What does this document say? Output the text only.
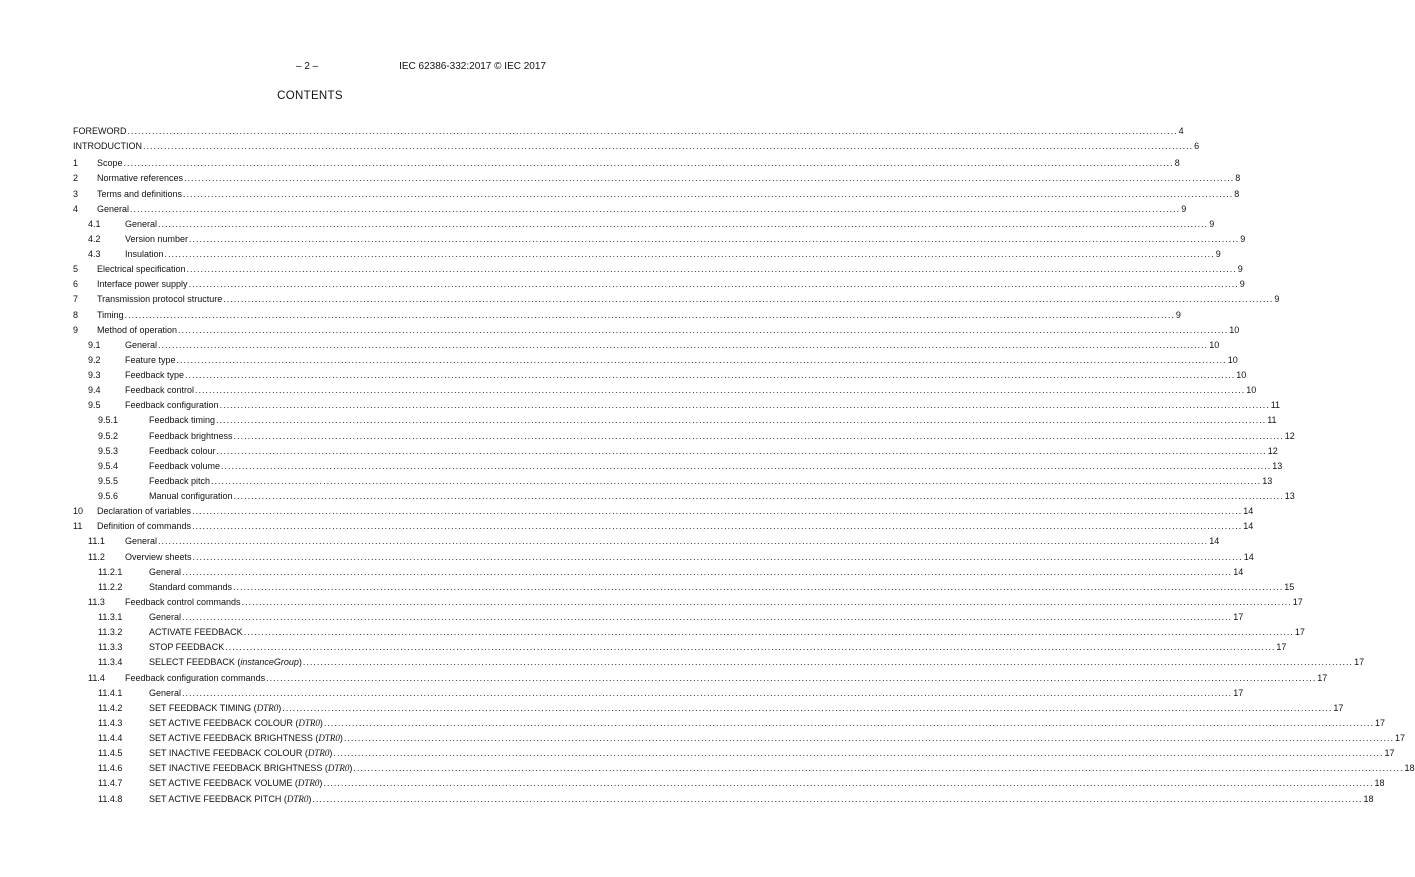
– 2 –	IEC 62386-332:2017 © IEC 2017
CONTENTS
FOREWORD ............................................................................................................................................................................................................................................................................................................ 4
INTRODUCTION ............................................................................................................................................................................................................................................................................................................ 6
1 Scope ............................................................................................................................................................................................................................................................................................................ 8
2 Normative references ............................................................................................................................................................................................................................................................................................................ 8
3 Terms and definitions ............................................................................................................................................................................................................................................................................................................ 8
4 General ............................................................................................................................................................................................................................................................................................................ 9
4.1	General ............................................................................................................................................................................................................................................................................................................ 9
4.2	Version number ............................................................................................................................................................................................................................................................................................................ 9
4.3	Insulation ............................................................................................................................................................................................................................................................................................................ 9
5 Electrical specification ............................................................................................................................................................................................................................................................................................................ 9
6 Interface power supply ............................................................................................................................................................................................................................................................................................................ 9
7 Transmission protocol structure ............................................................................................................................................................................................................................................................................................................ 9
8 Timing ............................................................................................................................................................................................................................................................................................................ 9
9 Method of operation ............................................................................................................................................................................................................................................................................................................ 10
9.1	General ............................................................................................................................................................................................................................................................................................................ 10
9.2	Feature type ............................................................................................................................................................................................................................................................................................................ 10
9.3	Feedback type ............................................................................................................................................................................................................................................................................................................ 10
9.4	Feedback control ............................................................................................................................................................................................................................................................................................................ 10
9.5	Feedback configuration ............................................................................................................................................................................................................................................................................................................ 11
9.5.1	Feedback timing ............................................................................................................................................................................................................................................................................................................ 11
9.5.2	Feedback brightness ............................................................................................................................................................................................................................................................................................................ 12
9.5.3	Feedback colour ............................................................................................................................................................................................................................................................................................................ 12
9.5.4	Feedback volume ............................................................................................................................................................................................................................................................................................................ 13
9.5.5	Feedback pitch ............................................................................................................................................................................................................................................................................................................ 13
9.5.6	Manual configuration ............................................................................................................................................................................................................................................................................................................ 13
10 Declaration of variables ............................................................................................................................................................................................................................................................................................................ 14
11 Definition of commands ............................................................................................................................................................................................................................................................................................................ 14
11.1 General ............................................................................................................................................................................................................................................................................................................ 14
11.2 Overview sheets ............................................................................................................................................................................................................................................................................................................ 14
11.2.1	General ............................................................................................................................................................................................................................................................................................................ 14
11.2.2	Standard commands ............................................................................................................................................................................................................................................................................................................ 15
11.3 Feedback control commands ............................................................................................................................................................................................................................................................................................................ 17
11.3.1	General ............................................................................................................................................................................................................................................................................................................ 17
11.3.2	ACTIVATE FEEDBACK ............................................................................................................................................................................................................................................................................................................ 17
11.3.3	STOP FEEDBACK ............................................................................................................................................................................................................................................................................................................ 17
11.3.4	SELECT FEEDBACK (instanceGroup) ............................................................................................................................................................................................................................................................................................................ 17
11.4 Feedback configuration commands ............................................................................................................................................................................................................................................................................................................ 17
11.4.1	General ............................................................................................................................................................................................................................................................................................................ 17
11.4.2	SET FEEDBACK TIMING (DTR0) ............................................................................................................................................................................................................................................................................................................ 17
11.4.3	SET ACTIVE FEEDBACK COLOUR (DTR0) ............................................................................................................................................................................................................................................................................................................ 17
11.4.4	SET ACTIVE FEEDBACK BRIGHTNESS (DTR0) ............................................................................................................................................................................................................................................................................................................ 17
11.4.5	SET INACTIVE FEEDBACK COLOUR (DTR0) ............................................................................................................................................................................................................................................................................................................ 17
11.4.6	SET INACTIVE FEEDBACK BRIGHTNESS (DTR0) ............................................................................................................................................................................................................................................................................................................ 18
11.4.7	SET ACTIVE FEEDBACK VOLUME (DTR0) ............................................................................................................................................................................................................................................................................................................ 18
11.4.8	SET ACTIVE FEEDBACK PITCH (DTR0) ............................................................................................................................................................................................................................................................................................................ 18
